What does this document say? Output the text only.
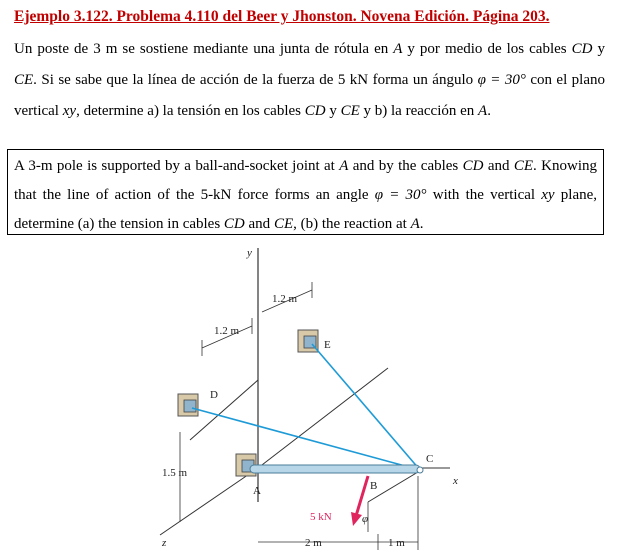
Ejemplo 3.122. Problema 4.110 del Beer y Jhonston. Novena Edición. Página 203.
Un poste de 3 m se sostiene mediante una junta de rótula en A y por medio de los cables CD y CE. Si se sabe que la línea de acción de la fuerza de 5 kN forma un ángulo φ = 30° con el plano vertical xy, determine a) la tensión en los cables CD y CE y b) la reacción en A.
A 3-m pole is supported by a ball-and-socket joint at A and by the cables CD and CE. Knowing that the line of action of the 5-kN force forms an angle φ = 30° with the vertical xy plane, determine (a) the tension in cables CD and CE, (b) the reaction at A.
y
x
z
A	B
C
D
E
1.2 m
1.2 m
1.5 m
2 m	1 m
5 kN	φ
